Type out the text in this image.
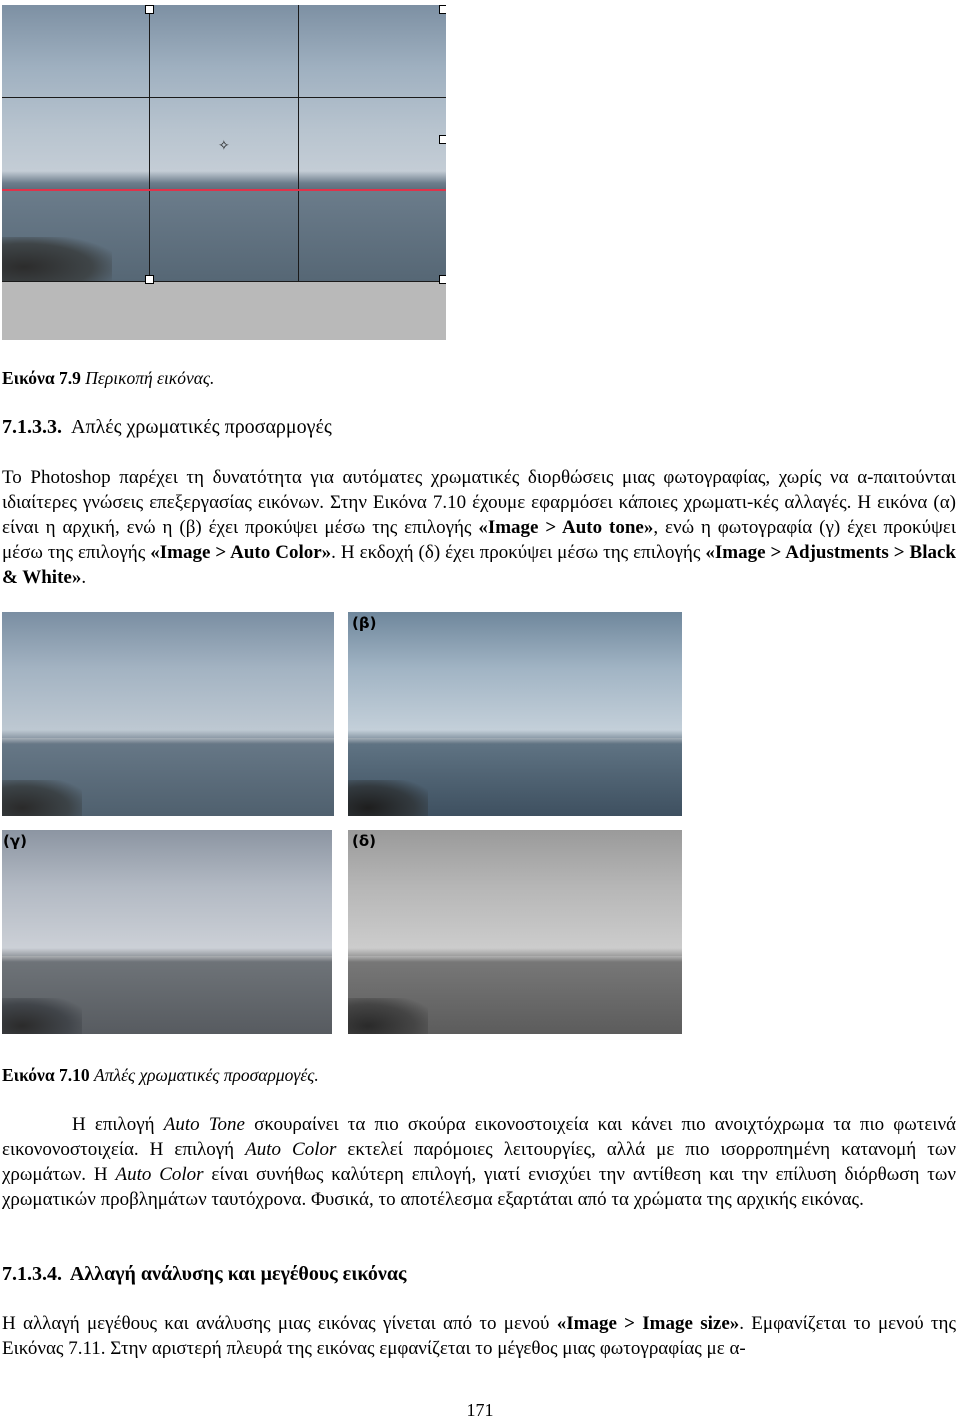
✧
Εικόνα 7.9 Περικοπή εικόνας.
7.1.3.3. Απλές χρωματικές προσαρμογές
Το Photoshop παρέχει τη δυνατότητα για αυτόματες χρωματικές διορθώσεις μιας φωτογραφίας, χωρίς να α-παιτούνται ιδιαίτερες γνώσεις επεξεργασίας εικόνων. Στην Εικόνα 7.10 έχουμε εφαρμόσει κάποιες χρωματι-κές αλλαγές. Η εικόνα (α) είναι η αρχική, ενώ η (β) έχει προκύψει μέσω της επιλογής «Image > Auto tone», ενώ η φωτογραφία (γ) έχει προκύψει μέσω της επιλογής «Image > Auto Color». Η εκδοχή (δ) έχει προκύψει μέσω της επιλογής «Image > Adjustments > Black & White».
(β)
(γ)	(δ)
Εικόνα 7.10 Απλές χρωματικές προσαρμογές.
Η επιλογή Auto Tone σκουραίνει τα πιο σκούρα εικονοστοιχεία και κάνει πιο ανοιχτόχρωμα τα πιο φωτεινά εικονονοστοιχεία. Η επιλογή Auto Color εκτελεί παρόμοιες λειτουργίες, αλλά με πιο ισορροπημένη κατανομή των χρωμάτων. Η Auto Color είναι συνήθως καλύτερη επιλογή, γιατί ενισχύει την αντίθεση και την επίλυση διόρθωση των χρωματικών προβλημάτων ταυτόχρονα. Φυσικά, το αποτέλεσμα εξαρτάται από τα χρώματα της αρχικής εικόνας.
7.1.3.4. Αλλαγή ανάλυσης και μεγέθους εικόνας
Η αλλαγή μεγέθους και ανάλυσης μιας εικόνας γίνεται από το μενού «Image > Image size». Εμφανίζεται το μενού της Εικόνας 7.11. Στην αριστερή πλευρά της εικόνας εμφανίζεται το μέγεθος μιας φωτογραφίας με α-
171
